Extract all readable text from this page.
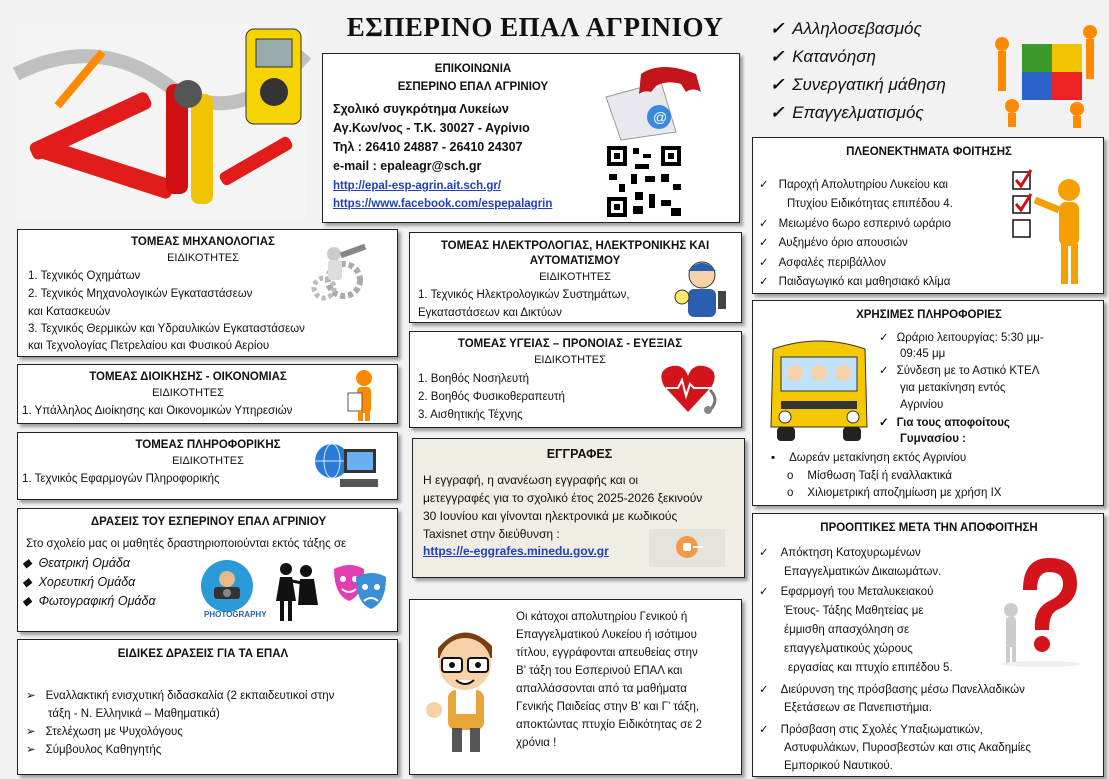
ΕΣΠΕΡΙΝΟ ΕΠΑΛ ΑΓΡΙΝΙΟΥ
✓	Αλληλοσεβασμός
✓ Κατανόηση
✓ Συνεργατική μάθηση
✓ Επαγγελματισμός
ΕΠΙΚΟΙΝΩΝΙΑ
ΕΣΠΕΡΙΝΟ ΕΠΑΛ ΑΓΡΙΝΙΟΥ
Σχολικό συγκρότημα Λυκείων
Αγ.Κων/νος - Τ.Κ. 30027 - Αγρίνιο
Τηλ : 26410 24887 - 26410 24307
e-mail : epaleagr@sch.gr
http://epal-esp-agrin.ait.sch.gr/
https://www.facebook.com/espepalagrin
@
ΤΟΜΕΑΣ ΜΗΧΑΝΟΛΟΓΙΑΣ
ΕΙΔΙΚΟΤΗΤΕΣ
1. Τεχνικός Οχημάτων
2. Τεχνικός Μηχανολογικών Εγκαταστάσεων
και Κατασκευών
3. Τεχνικός Θερμικών και Υδραυλικών Εγκαταστάσεων
και Τεχνολογίας Πετρελαίου και Φυσικού Αερίου
ΤΟΜΕΑΣ ΗΛΕΚΤΡΟΛΟΓΙΑΣ, ΗΛΕΚΤΡΟΝΙΚΗΣ ΚΑΙ ΑΥΤΟΜΑΤΙΣΜΟΥ
ΕΙΔΙΚΟΤΗΤΕΣ
1. Τεχνικός Ηλεκτρολογικών Συστημάτων,
Εγκαταστάσεων και Δικτύων
ΤΟΜΕΑΣ ΔΙΟΙΚΗΣΗΣ - ΟΙΚΟΝΟΜΙΑΣ
ΕΙΔΙΚΟΤΗΤΕΣ
1. Υπάλληλος Διοίκησης και Οικονομικών Υπηρεσιών
ΤΟΜΕΑΣ ΥΓΕΙΑΣ – ΠΡΟΝΟΙΑΣ - ΕΥΕΞΙΑΣ
ΕΙΔΙΚΟΤΗΤΕΣ
1. Βοηθός Νοσηλευτή
2. Βοηθός Φυσικοθεραπευτή
3. Αισθητικής Τέχνης
ΤΟΜΕΑΣ ΠΛΗΡΟΦΟΡΙΚΗΣ
ΕΙΔΙΚΟΤΗΤΕΣ
1. Τεχνικός Εφαρμογών Πληροφορικής
ΕΓΓΡΑΦΕΣ
Η εγγραφή, η ανανέωση εγγραφής και οι
μετεγγραφές για το σχολικό έτος 2025-2026 ξεκινούν
30 Ιουνίου και γίνονται ηλεκτρονικά με κωδικούς
Taxisnet στην διεύθυνση :
https://e-eggrafes.minedu.gov.gr
ΔΡΑΣΕΙΣ ΤΟΥ ΕΣΠΕΡΙΝΟΥ ΕΠΑΛ ΑΓΡΙΝΙΟΥ
Στο σχολείο μας οι μαθητές δραστηριοποιούνται εκτός τάξης σε
◆  Θεατρική Ομάδα
◆  Χορευτική Ομάδα
◆  Φωτογραφική Ομάδα
PHOTOGRAPHY
ΕΙΔΙΚΕΣ ΔΡΑΣΕΙΣ ΓΙΑ ΤΑ ΕΠΑΛ
➢ Εναλλακτική ενισχυτική διδασκαλία (2 εκπαιδευτικοί στην
τάξη - Ν. Ελληνικά – Μαθηματικά)
➢ Στελέχωση με Ψυχολόγους
➢ Σύμβουλος Καθηγητής
Οι κάτοχοι απολυτηρίου Γενικού ή
Επαγγελματικού Λυκείου ή ισότιμου
τίτλου, εγγράφονται απευθείας στην
Β’ τάξη του Εσπερινού ΕΠΑΛ και
απαλλάσσονται από τα μαθήματα
Γενικής Παιδείας στην Β’ και Γ’ τάξη,
αποκτώντας πτυχίο Ειδικότητας σε 2
χρόνια !
ΠΛΕΟΝΕΚΤΗΜΑΤΑ ΦΟΙΤΗΣΗΣ
✓ Παροχή Απολυτηρίου Λυκείου και
Πτυχίου Ειδικότητας επιπέδου 4.
✓ Μειωμένο 6ωρο εσπερινό ωράριο
✓ Αυξημένο όριο απουσιών
✓ Ασφαλές περιβάλλον
✓ Παιδαγωγικό και μαθησιακό κλίμα
ΧΡΗΣΙΜΕΣ ΠΛΗΡΟΦΟΡΙΕΣ
✓ Ωράριο λειτουργίας: 5:30 μμ-
09:45 μμ
✓ Σύνδεση με το Αστικό ΚΤΕΛ
για μετακίνηση εντός
Αγρινίου
✓ Για τους αποφοίτους
Γυμνασίου :
▪ Δωρεάν μετακίνηση εκτός Αγρινίου
o Μίσθωση Ταξί ή εναλλακτικά
o Χιλιομετρική αποζημίωση με χρήση ΙΧ
ΠΡΟΟΠΤΙΚΕΣ ΜΕΤΑ ΤΗΝ ΑΠΟΦΟΙΤΗΣΗ
✓ Απόκτηση Κατοχυρωμένων
Επαγγελματικών Δικαιωμάτων.
✓ Εφαρμογή του Μεταλυκειακού
Έτους- Τάξης Μαθητείας με
έμμισθη απασχόληση σε
επαγγελματικούς χώρους
εργασίας και πτυχίο επιπέδου 5.
✓ Διεύρυνση της πρόσβασης μέσω Πανελλαδικών
Εξετάσεων σε Πανεπιστήμια.
✓ Πρόσβαση στις Σχολές Υπαξιωματικών,
Αστυφυλάκων, Πυροσβεστών και στις Ακαδημίες
Εμπορικού Ναυτικού.
